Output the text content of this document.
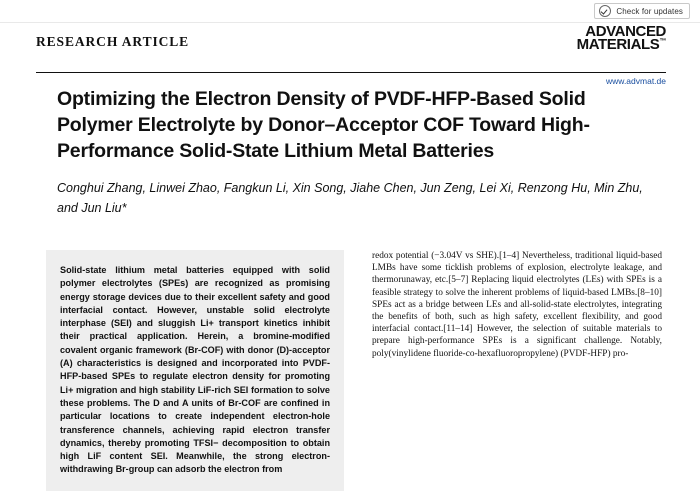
Check for updates
RESEARCH ARTICLE
ADVANCED
MATERIALS™
www.advmat.de
Optimizing the Electron Density of PVDF-HFP-Based Solid Polymer Electrolyte by Donor–Acceptor COF Toward High-Performance Solid-State Lithium Metal Batteries
Conghui Zhang, Linwei Zhao, Fangkun Li, Xin Song, Jiahe Chen, Jun Zeng, Lei Xi, Renzong Hu, Min Zhu, and Jun Liu*

Solid-state lithium metal batteries equipped with solid polymer electrolytes (SPEs) are recognized as promising energy storage devices due to their excellent safety and good interfacial contact. However, unstable solid electrolyte interphase (SEI) and sluggish Li+ transport kinetics inhibit their practical application. Herein, a bromine-modified covalent organic framework (Br-COF) with donor (D)-acceptor (A) characteristics is designed and incorporated into PVDF-HFP-based SPEs to regulate electron density for promoting Li+ migration and high stability LiF-rich SEI formation to solve these problems. The D and A units of Br-COF are confined in particular locations to create independent electron-hole transference channels, achieving rapid electron transfer dynamics, thereby promoting TFSI− decomposition to obtain high LiF content SEI. Meanwhile, the strong electron-withdrawing Br-group can adsorb the electron from

redox potential (−3.04V vs SHE).[1–4] Nevertheless, traditional liquid-based LMBs have some ticklish problems of explosion, electrolyte leakage, and thermorunaway, etc.[5–7] Replacing liquid electrolytes (LEs) with SPEs is a feasible strategy to solve the inherent problems of liquid-based LMBs.[8–10] SPEs act as a bridge between LEs and all-solid-state electrolytes, integrating the benefits of both, such as high safety, excellent flexibility, and good interfacial contact.[11–14] However, the selection of suitable materials to prepare high-performance SPEs is a significant challenge. Notably, poly(vinylidene fluoride-co-hexafluoropropylene) (PVDF-HFP) pro-
